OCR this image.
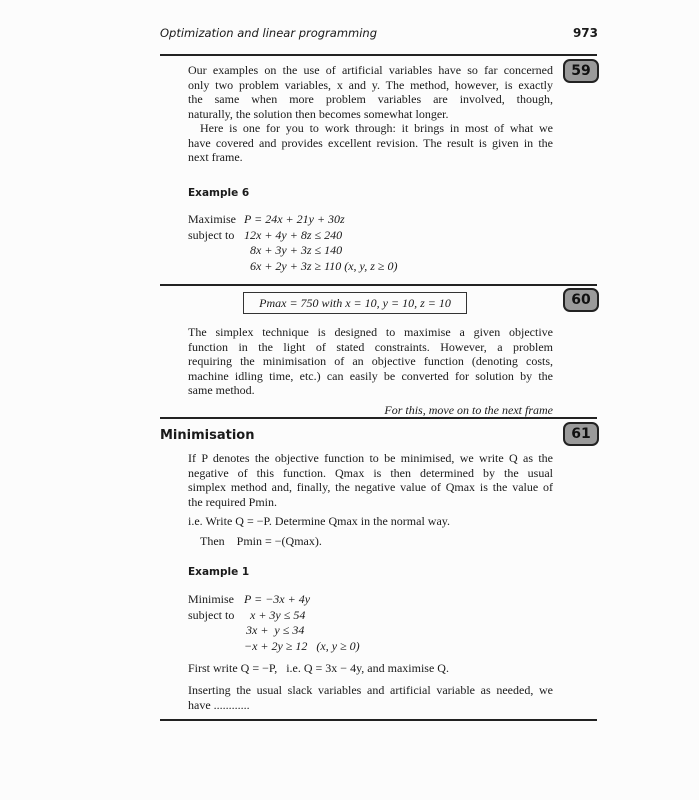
Optimization and linear programming	973
59
Our examples on the use of artificial variables have so far concerned
only two problem variables, x and y. The method, however, is exactly
the same when more problem variables are involved, though,
naturally, the solution then becomes somewhat longer.
Here is one for you to work through: it brings in most of what we
have covered and provides excellent revision. The result is given in the
next frame.
Example 6
Maximise P = 24x + 21y + 30z
subject to 12x + 4y + 8z ≤ 240
8x + 3y + 3z ≤ 140
6x + 2y + 3z ≥ 110 (x, y, z ≥ 0)
60
Pmax = 750 with x = 10, y = 10, z = 10
The simplex technique is designed to maximise a given objective
function in the light of stated constraints. However, a problem
requiring the minimisation of an objective function (denoting costs,
machine idling time, etc.) can easily be converted for solution by the
same method.
For this, move on to the next frame
61
Minimisation
If P denotes the objective function to be minimised, we write Q as the
negative of this function. Qmax is then determined by the usual
simplex method and, finally, the negative value of Qmax is the value of
the required Pmin.
i.e. Write Q = −P. Determine Qmax in the normal way.
Then    Pmin = −(Qmax).
Example 1
Minimise P = −3x + 4y
subject to x + 3y ≤ 54
3x +  y ≤ 34
−x + 2y ≥ 12   (x, y ≥ 0)
First write Q = −P,   i.e. Q = 3x − 4y, and maximise Q.
Inserting the usual slack variables and artificial variable as needed, we
have ............
